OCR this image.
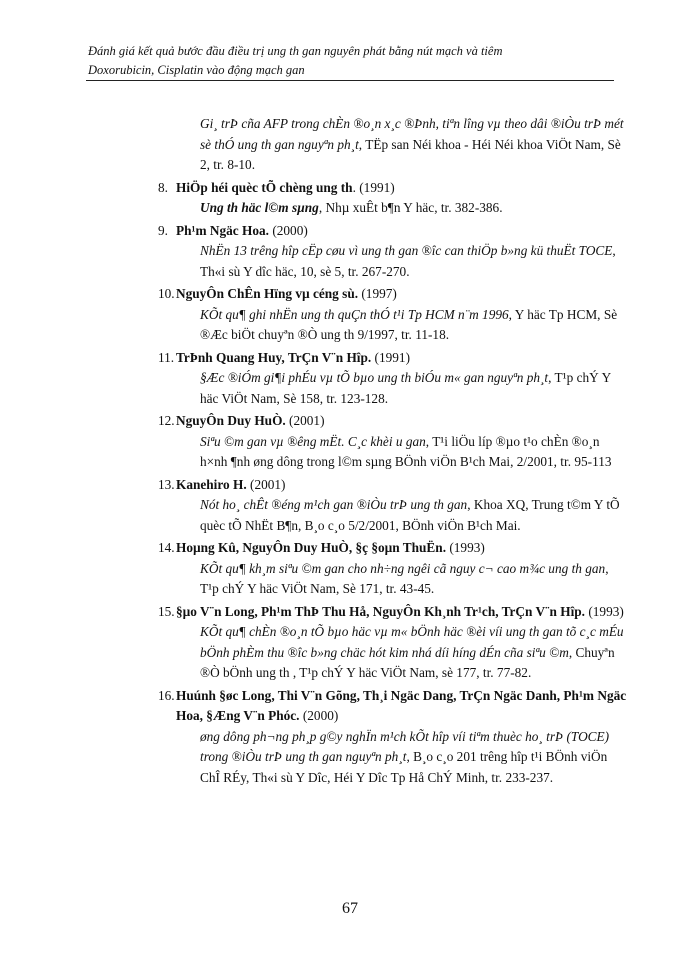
Đánh giá kết quả bước đầu điều trị ung th gan nguyên phát bằng nút mạch và tiêm
Doxorubicin, Cisplatin vào động mạch gan
Gi¸ trÞ cña AFP trong chÈn ®o¸n x¸c ®Þnh, tiªn lîng vµ theo dâi ®iÒu trÞ mét sè thÓ ung th gan nguyªn ph¸t, TËp san Néi khoa - Héi Néi khoa ViÖt Nam, Sè 2, tr. 8-10.
8. HiÖp héi quèc tÕ chèng ung th. (1991)
Ung th häc l©m sµng, Nhµ xuÊt b¶n Y häc, tr. 382-386.
9. Ph¹m Ngäc Hoa. (2000)
NhËn 13 trêng hîp cËp cøu vì ung th gan ®îc can thiÖp b»ng kü thuËt TOCE, Th«i sù Y dîc häc, 10, sè 5, tr. 267-270.
10. NguyÔn ChÊn Hïng vµ céng sù. (1997)
KÕt qu¶ ghi nhËn ung th quÇn thÓ t¹i Tp HCM n¨m 1996, Y häc Tp HCM, Sè ®Æc biÖt chuyªn ®Ò ung th 9/1997, tr. 11-18.
11. TrÞnh Quang Huy, TrÇn V¨n Hîp. (1991)
§Æc ®iÓm gi¶i phÉu vµ tÕ bµo ung th biÓu m« gan nguyªn ph¸t, T¹p chÝ Y häc ViÖt Nam, Sè 158, tr. 123-128.
12. NguyÔn Duy HuÒ. (2001)
Siªu ©m gan vµ ®êng mËt. C¸c khèi u gan, T¹i liÖu líp ®µo t¹o chÈn ®o¸n h×nh ¶nh øng dông trong l©m sµng BÖnh viÖn B¹ch Mai, 2/2001, tr. 95-113
13. Kanehiro H. (2001)
Nót ho¸ chÊt ®éng m¹ch gan ®iÒu trÞ ung th gan, Khoa XQ, Trung t©m Y tÕ quèc tÕ NhËt B¶n, B¸o c¸o 5/2/2001, BÖnh viÖn B¹ch Mai.
14. Hoµng Kû, NguyÔn Duy HuÒ, §ç §oµn ThuËn. (1993)
KÕt qu¶ kh¸m siªu ©m gan cho nh÷ng ngêi cã nguy c¬ cao m¾c ung th gan, T¹p chÝ Y häc ViÖt Nam, Sè 171, tr. 43-45.
15. §µo V¨n Long, Ph¹m ThÞ Thu Hå, NguyÔn Kh¸nh Tr¹ch, TrÇn V¨n Hîp. (1993)
KÕt qu¶ chÈn ®o¸n tÕ bµo häc vµ m« bÖnh häc ®èi víi ung th gan tõ c¸c mÉu bÖnh phÈm thu ®îc b»ng chäc hót kim nhá díi híng dÉn cña siªu ©m, Chuyªn ®Ò bÖnh ung th , T¹p chÝ Y häc ViÖt Nam, sè 177, tr. 77-82.
16. Huúnh §øc Long, Thi V¨n Gõng, Th¸i Ngäc Dang, TrÇn Ngäc Danh, Ph¹m Ngäc Hoa, §Æng V¨n Phóc. (2000)
øng dông ph¬ng ph¸p g©y nghÏn m¹ch kÕt hîp víi tiªm thuèc ho¸ trÞ (TOCE) trong ®iÒu trÞ ung th gan nguyªn ph¸t, B¸o c¸o 201 trêng hîp t¹i BÖnh viÖn ChÎ RÉy, Th«i sù Y Dîc, Héi Y Dîc Tp Hå ChÝ Minh, tr. 233-237.
67
